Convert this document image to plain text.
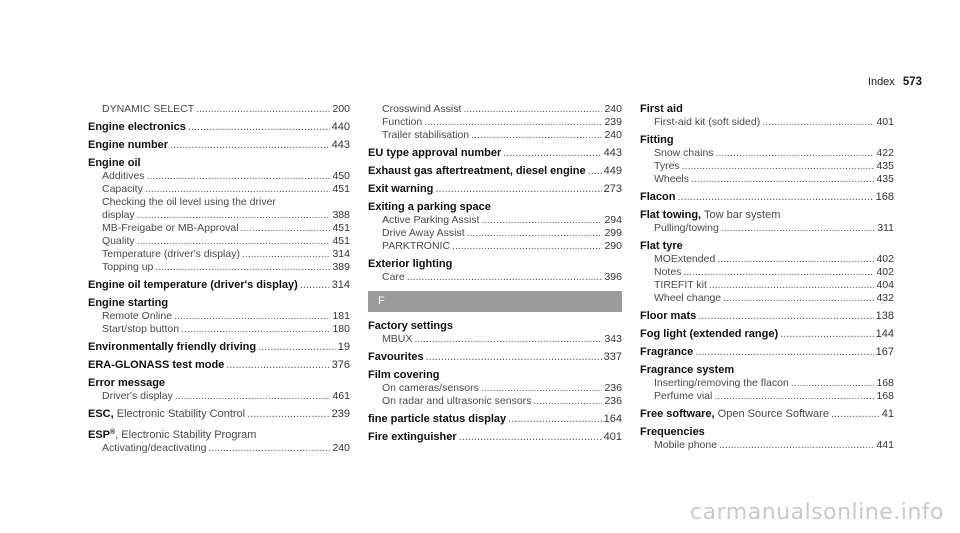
Index 573
DYNAMIC SELECT .....	200
Engine electronics .....	440
Engine number .....	443
Engine oil
Additives .....	450
Capacity .....	451
Checking the oil level using the driver
display .....	388
MB-Freigabe or MB-Approval .....	451
Quality .....	451
Temperature (driver's display) .....	314
Topping up .....	389
Engine oil temperature (driver's display) .....	314
Engine starting
Remote Online .....	181
Start/stop button .....	180
Environmentally friendly driving .....	19
ERA-GLONASS test mode .....	376
Error message
Driver's display .....	461
ESC, Electronic Stability Control .....	239
ESP®, Electronic Stability Program
Activating/deactivating .....	240
Crosswind Assist .....	240
Function .....	239
Trailer stabilisation .....	240
EU type approval number .....	443
Exhaust gas aftertreatment, diesel engine ..... 449
Exit warning .....	273
Exiting a parking space
Active Parking Assist .....	294
Drive Away Assist .....	299
PARKTRONIC .....	290
Exterior lighting
Care .....	396
F
Factory settings
MBUX .....	343
Favourites .....	337
Film covering
On cameras/sensors .....	236
On radar and ultrasonic sensors .....	236
fine particle status display .....	164
Fire extinguisher .....	401
First aid
First-aid kit (soft sided) .....	401
Fitting
Snow chains .....	422
Tyres .....	435
Wheels .....	435
Flacon .....	168
Flat towing, Tow bar system
Pulling/towing .....	311
Flat tyre
MOExtended .....	402
Notes .....	402
TIREFIT kit .....	404
Wheel change .....	432
Floor mats .....	138
Fog light (extended range) .....	144
Fragrance .....	167
Fragrance system
Inserting/removing the flacon .....	168
Perfume vial .....	168
Free software, Open Source Software .....	41
Frequencies
Mobile phone .....	441
carmanualsonline.info
